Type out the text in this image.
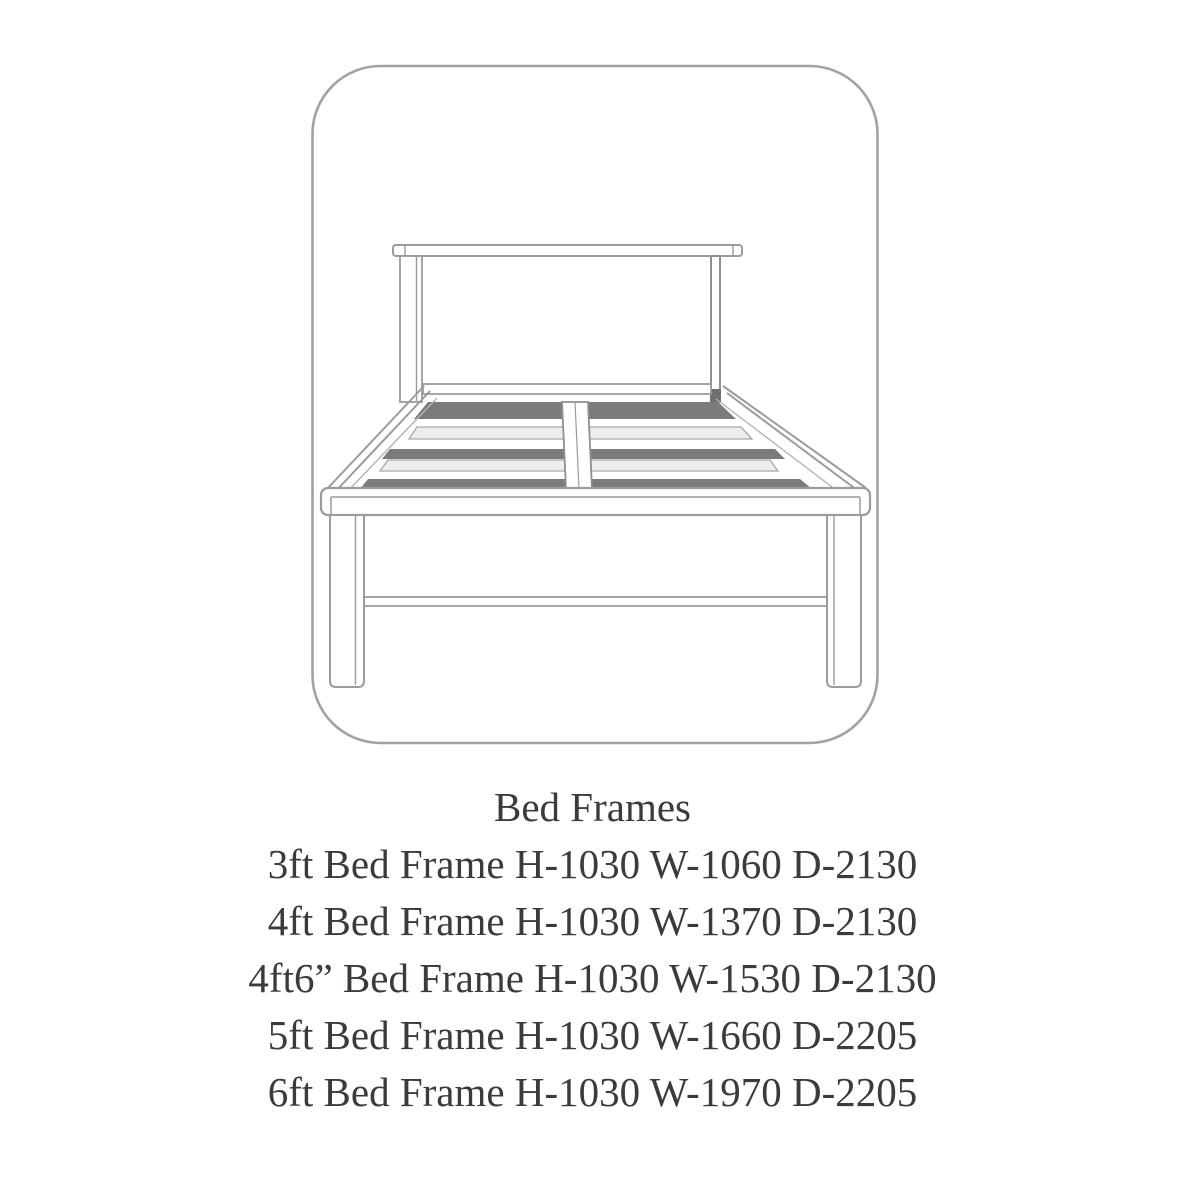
Bed Frames
3ft Bed Frame H-1030 W-1060 D-2130
4ft Bed Frame H-1030 W-1370 D-2130
4ft6” Bed Frame H-1030 W-1530 D-2130
5ft Bed Frame H-1030 W-1660 D-2205
6ft Bed Frame H-1030 W-1970 D-2205
